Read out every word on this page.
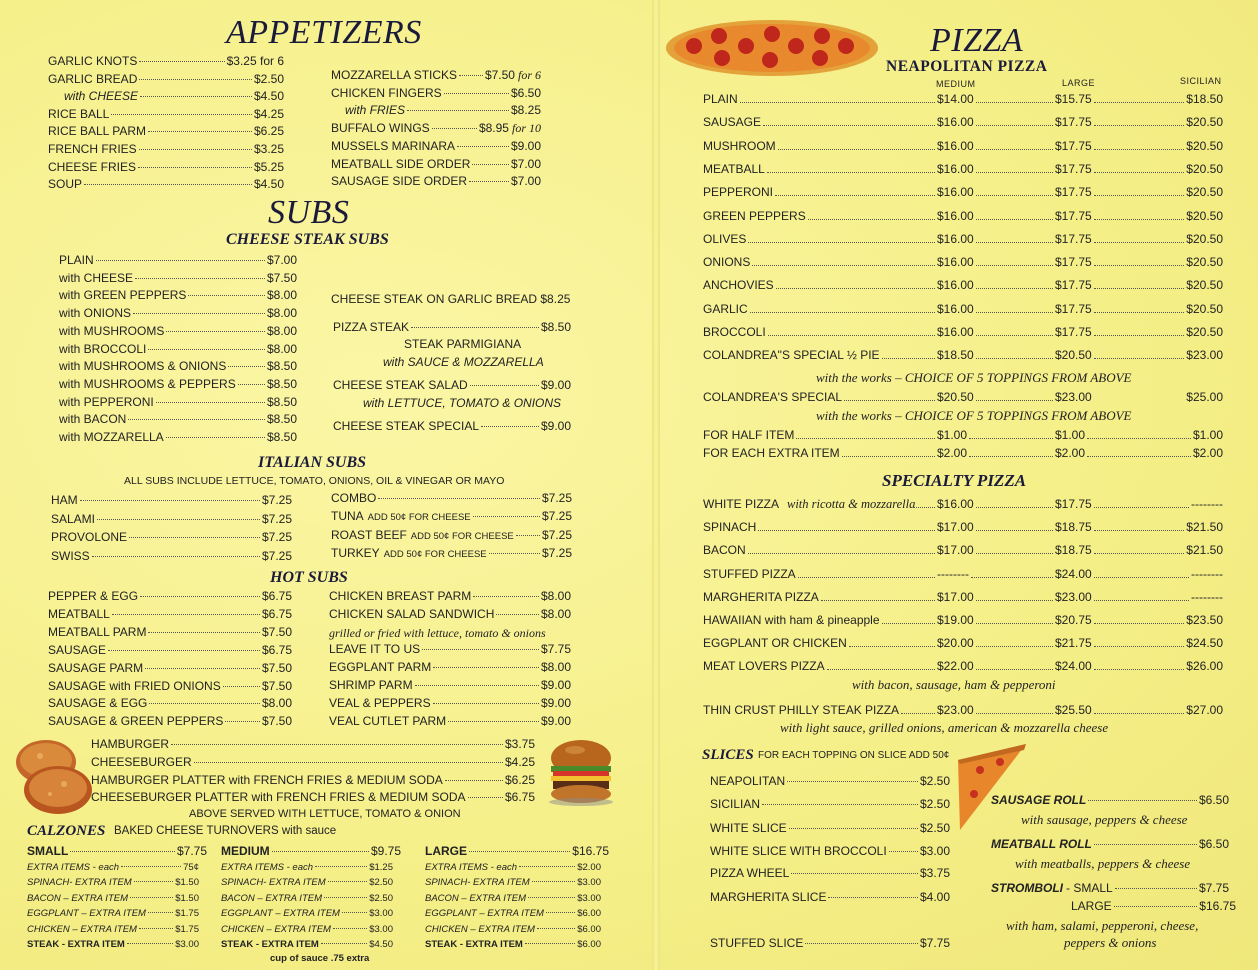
APPETIZERS
SUBS
CHEESE STEAK SUBS
CHEESE STEAK ON GARLIC BREAD $8.25
PIZZA STEAK	$8.50
STEAK PARMIGIANA
with SAUCE & MOZZARELLA
CHEESE STEAK SALAD	$9.00
with LETTUCE, TOMATO & ONIONS
CHEESE STEAK SPECIAL	$9.00
ITALIAN SUBS
ALL SUBS INCLUDE LETTUCE, TOMATO, ONIONS, OIL & VINEGAR OR MAYO
HOT SUBS
grilled or fried with lettuce, tomato & onions
ABOVE SERVED WITH LETTUCE, TOMATO & ONION
CALZONES BAKED CHEESE TURNOVERS with sauce
cup of sauce .75 extra
PIZZA
NEAPOLITAN PIZZA
MEDIUM	LARGE	SICILIAN
with the works – CHOICE OF 5 TOPPINGS FROM ABOVE
with the works – CHOICE OF 5 TOPPINGS FROM ABOVE
SPECIALTY PIZZA
with bacon, sausage, ham & pepperoni
with light sauce, grilled onions, american & mozzarella cheese
SLICES FOR EACH TOPPING ON SLICE ADD 50¢
SAUSAGE ROLL	$6.50
with sausage, peppers & cheese
MEATBALL ROLL	$6.50
with meatballs, peppers & cheese
STROMBOLI - SMALL	$7.75
LARGE	$16.75
with ham, salami, pepperoni, cheese,
peppers & onions
GARLIC KNOTS	$3.25 for 6
GARLIC BREAD	$2.50
with CHEESE	$4.50
RICE BALL	$4.25
RICE BALL PARM	$6.25
FRENCH FRIES	$3.25
CHEESE FRIES	$5.25
SOUP	$4.50
MOZZARELLA STICKS $7.50 for 6
CHICKEN FINGERS	$6.50
with FRIES	$8.25
BUFFALO WINGS	$8.95 for 10
MUSSELS MARINARA	$9.00
MEATBALL SIDE ORDER	$7.00
SAUSAGE SIDE ORDER	$7.00
PLAIN	$7.00
with CHEESE	$7.50
with GREEN PEPPERS	$8.00
with ONIONS	$8.00
with MUSHROOMS	$8.00
with BROCCOLI	$8.00
with MUSHROOMS & ONIONS	$8.50
with MUSHROOMS & PEPPERS	$8.50
with PEPPERONI	$8.50
with BACON	$8.50
with MOZZARELLA	$8.50
HAM	$7.25
SALAMI	$7.25
PROVOLONE	$7.25
SWISS	$7.25
COMBO	$7.25
TUNA ADD 50¢ FOR CHEESE	$7.25
ROAST BEEF ADD 50¢ FOR CHEESE $7.25
TURKEY ADD 50¢ FOR CHEESE	$7.25
PEPPER & EGG	$6.75
MEATBALL	$6.75
MEATBALL PARM	$7.50
SAUSAGE	$6.75
SAUSAGE PARM	$7.50
SAUSAGE with FRIED ONIONS	$7.50
SAUSAGE & EGG	$8.00
SAUSAGE & GREEN PEPPERS	$7.50
CHICKEN BREAST PARM	$8.00
CHICKEN SALAD SANDWICH	$8.00
LEAVE IT TO US	$7.75
EGGPLANT PARM	$8.00
SHRIMP PARM	$9.00
VEAL & PEPPERS	$9.00
VEAL CUTLET PARM	$9.00
HAMBURGER	$3.75
CHEESEBURGER	$4.25
HAMBURGER PLATTER with FRENCH FRIES & MEDIUM SODA	$6.25
CHEESEBURGER PLATTER with FRENCH FRIES & MEDIUM SODA	$6.75
SMALL	$7.75
EXTRA ITEMS - each	75¢
SPINACH- EXTRA ITEM	$1.50
BACON – EXTRA ITEM	$1.50
EGGPLANT – EXTRA ITEM	$1.75
CHICKEN – EXTRA ITEM	$1.75
STEAK - EXTRA ITEM	$3.00
MEDIUM	$9.75
EXTRA ITEMS - each	$1.25
SPINACH- EXTRA ITEM	$2.50
BACON – EXTRA ITEM	$2.50
EGGPLANT – EXTRA ITEM	$3.00
CHICKEN – EXTRA ITEM	$3.00
STEAK - EXTRA ITEM	$4.50
LARGE	$16.75
EXTRA ITEMS - each	$2.00
SPINACH- EXTRA ITEM	$3.00
BACON – EXTRA ITEM	$3.00
EGGPLANT – EXTRA ITEM	$6.00
CHICKEN – EXTRA ITEM	$6.00
STEAK - EXTRA ITEM	$6.00
PLAIN	$14.00	$15.75	$18.50
SAUSAGE	$16.00	$17.75	$20.50
MUSHROOM	$16.00	$17.75	$20.50
MEATBALL	$16.00	$17.75	$20.50
PEPPERONI	$16.00	$17.75	$20.50
GREEN PEPPERS	$16.00	$17.75	$20.50
OLIVES	$16.00	$17.75	$20.50
ONIONS	$16.00	$17.75	$20.50
ANCHOVIES	$16.00	$17.75	$20.50
GARLIC	$16.00	$17.75	$20.50
BROCCOLI	$16.00	$17.75	$20.50
COLANDREA"S SPECIAL ½ PIE	$18.50	$20.50	$23.00
COLANDREA'S SPECIAL	$20.50	$23.00	$25.00
FOR HALF ITEM	$1.00	$1.00	$1.00
FOR EACH EXTRA ITEM	$2.00	$2.00	$2.00
WHITE PIZZA with ricotta & mozzarella $16.00	$17.75	--------
SPINACH	$17.00	$18.75	$21.50
BACON	$17.00	$18.75	$21.50
STUFFED PIZZA	--------	$24.00	--------
MARGHERITA PIZZA	$17.00	$23.00	--------
HAWAIIAN with ham & pineapple	$19.00	$20.75	$23.50
EGGPLANT OR CHICKEN	$20.00	$21.75	$24.50
MEAT LOVERS PIZZA	$22.00	$24.00	$26.00
THIN CRUST PHILLY STEAK PIZZA	$23.00	$25.50	$27.00
NEAPOLITAN	$2.50
SICILIAN	$2.50
WHITE SLICE	$2.50
WHITE SLICE WITH BROCCOLI	$3.00
PIZZA WHEEL	$3.75
MARGHERITA SLICE	$4.00
STUFFED SLICE	$7.75
